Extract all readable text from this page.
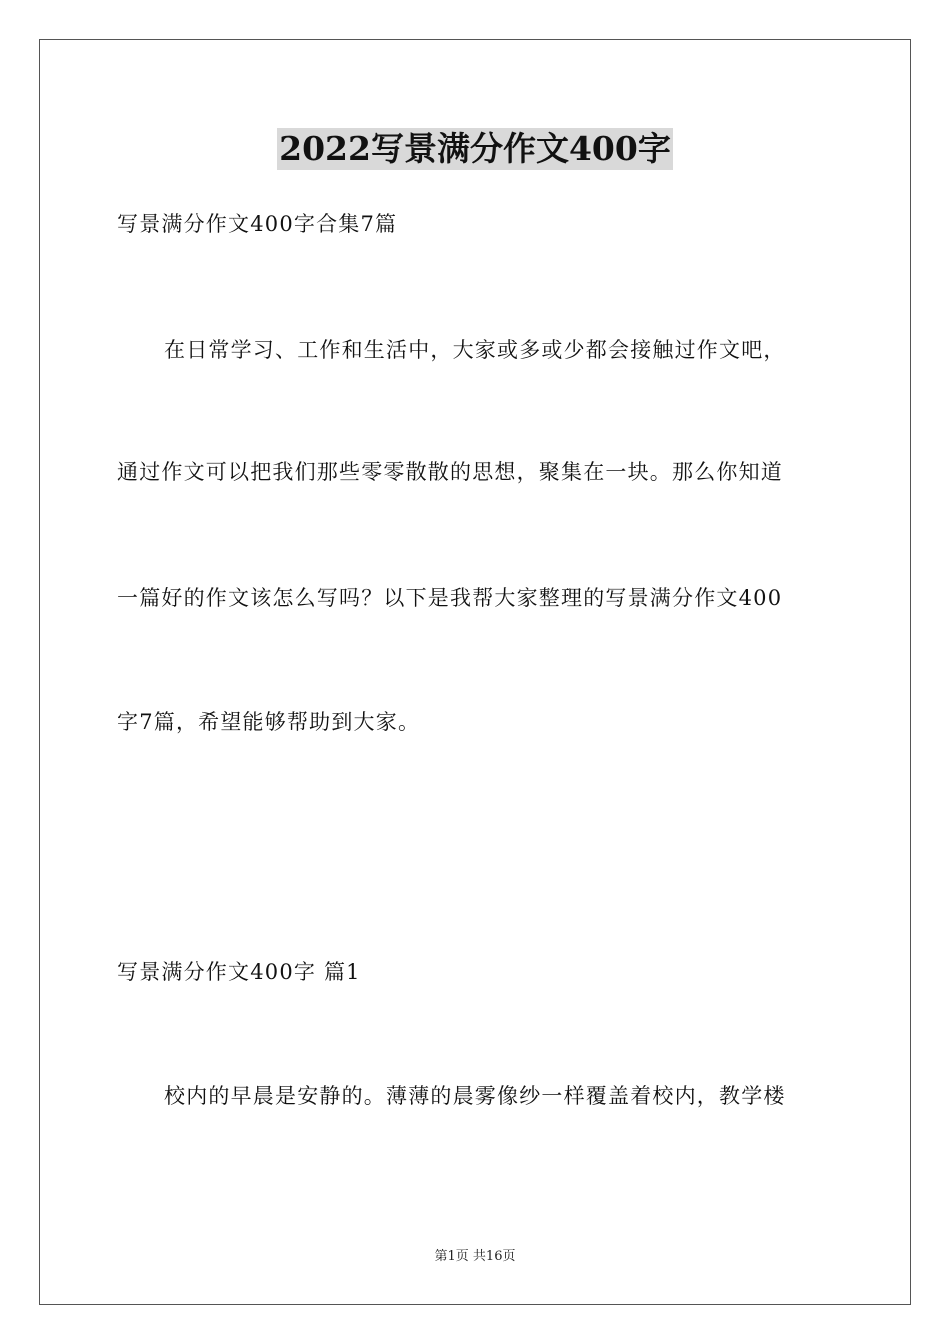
2022写景满分作文400字
写景满分作文400字合集7篇
在日常学习、工作和生活中，大家或多或少都会接触过作文吧，
通过作文可以把我们那些零零散散的思想，聚集在一块。那么你知道
一篇好的作文该怎么写吗？以下是我帮大家整理的写景满分作文400
字7篇，希望能够帮助到大家。
写景满分作文400字 篇1
校内的早晨是安静的。薄薄的晨雾像纱一样覆盖着校内，教学楼
第1页 共16页
